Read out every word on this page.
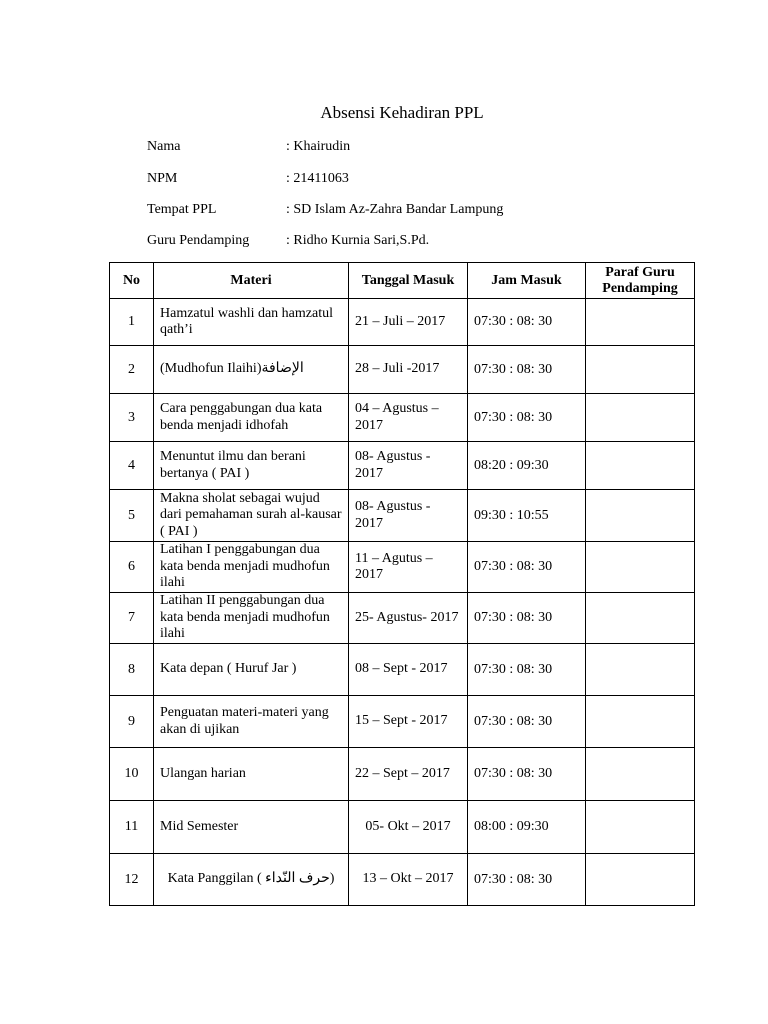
Absensi Kehadiran PPL
Nama	: Khairudin
NPM	: 21411063
Tempat PPL	: SD Islam Az-Zahra Bandar Lampung
Guru Pendamping	: Ridho Kurnia Sari,S.Pd.
No	Materi	Tanggal Masuk	Jam Masuk	Paraf Guru Pendamping
1	Hamzatul washli dan hamzatul qath’i	21 – Juli – 2017	07:30 : 08: 30	
2	(Mudhofun Ilaihi)الإضافة	28 – Juli -2017	07:30 : 08: 30	
3	Cara penggabungan dua kata benda menjadi idhofah	04 – Agustus – 2017	07:30 : 08: 30	
4	Menuntut ilmu dan berani bertanya ( PAI )	08- Agustus - 2017	08:20 : 09:30	
5	Makna sholat sebagai wujud dari pemahaman surah al-kausar ( PAI )	08- Agustus - 2017	09:30 : 10:55	
6	Latihan I penggabungan dua kata benda menjadi mudhofun ilahi	11 – Agutus – 2017	07:30 : 08: 30	
7	Latihan II penggabungan dua kata benda menjadi mudhofun ilahi	25- Agustus- 2017	07:30 : 08: 30	
8	Kata depan ( Huruf Jar )	08 – Sept - 2017	07:30 : 08: 30	
9	Penguatan materi-materi yang akan di ujikan	15 – Sept - 2017	07:30 : 08: 30	
10	Ulangan harian	22 – Sept – 2017	07:30 : 08: 30	
11	Mid Semester	05- Okt – 2017	08:00 : 09:30	
12	Kata Panggilan ( حرف النّداء)	13 – Okt – 2017	07:30 : 08: 30	
